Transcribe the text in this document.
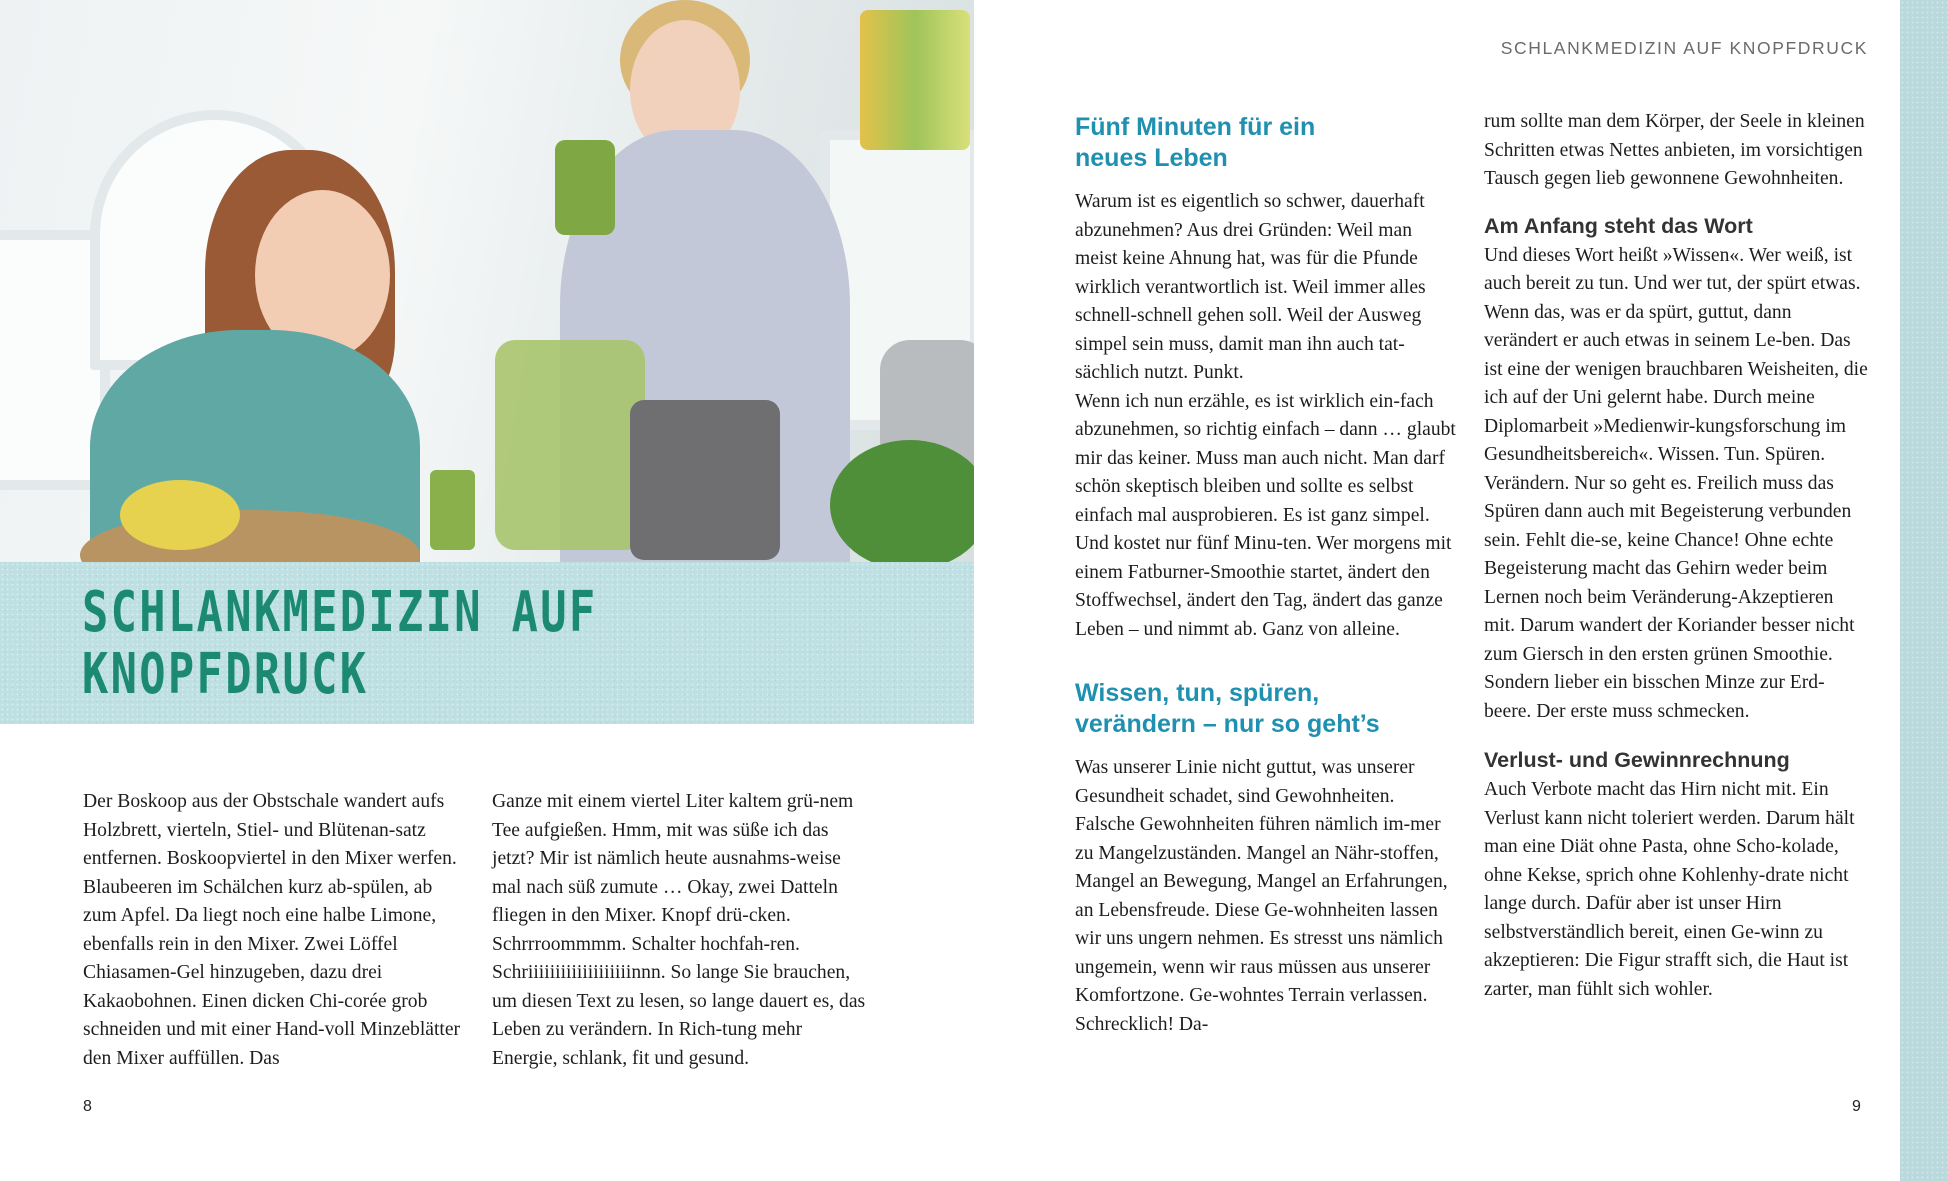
SCHLANKMEDIZIN AUF
KNOPFDRUCK

Der Boskoop aus der Obstschale wandert aufs Holzbrett, vierteln, Stiel- und Blütenan-satz entfernen. Boskoopviertel in den Mixer werfen. Blaubeeren im Schälchen kurz ab-spülen, ab zum Apfel. Da liegt noch eine halbe Limone, ebenfalls rein in den Mixer. Zwei Löffel Chiasamen-Gel hinzugeben, dazu drei Kakaobohnen. Einen dicken Chi-corée grob schneiden und mit einer Hand-voll Minzeblätter den Mixer auffüllen. Das

Ganze mit einem viertel Liter kaltem grü-nem Tee aufgießen. Hmm, mit was süße ich das jetzt? Mir ist nämlich heute ausnahms-weise mal nach süß zumute … Okay, zwei Datteln fliegen in den Mixer. Knopf drü-cken. Schrrroommmm. Schalter hochfah-ren. Schriiiiiiiiiiiiiiiiiiinnn. So lange Sie brauchen, um diesen Text zu lesen, so lange dauert es, das Leben zu verändern. In Rich-tung mehr Energie, schlank, fit und gesund.

8
SCHLANKMEDIZIN AUF KNOPFDRUCK
Fünf Minuten für ein neues Leben

Warum ist es eigentlich so schwer, dauerhaft abzunehmen? Aus drei Gründen: Weil man meist keine Ahnung hat, was für die Pfunde wirklich verantwortlich ist. Weil immer alles schnell-schnell gehen soll. Weil der Ausweg simpel sein muss, damit man ihn auch tat-sächlich nutzt. Punkt.

Wenn ich nun erzähle, es ist wirklich ein-fach abzunehmen, so richtig einfach – dann … glaubt mir das keiner. Muss man auch nicht. Man darf schön skeptisch bleiben und sollte es selbst einfach mal ausprobieren. Es ist ganz simpel. Und kostet nur fünf Minu-ten. Wer morgens mit einem Fatburner-Smoothie startet, ändert den Stoffwechsel, ändert den Tag, ändert das ganze Leben – und nimmt ab. Ganz von alleine.

Wissen, tun, spüren, verändern – nur so geht’s

Was unserer Linie nicht guttut, was unserer Gesundheit schadet, sind Gewohnheiten. Falsche Gewohnheiten führen nämlich im-mer zu Mangelzuständen. Mangel an Nähr-stoffen, Mangel an Bewegung, Mangel an Erfahrungen, an Lebensfreude. Diese Ge-wohnheiten lassen wir uns ungern nehmen. Es stresst uns nämlich ungemein, wenn wir raus müssen aus unserer Komfortzone. Ge-wohntes Terrain verlassen. Schrecklich! Da-

rum sollte man dem Körper, der Seele in kleinen Schritten etwas Nettes anbieten, im vorsichtigen Tausch gegen lieb gewonnene Gewohnheiten.

Am Anfang steht das Wort

Und dieses Wort heißt »Wissen«. Wer weiß, ist auch bereit zu tun. Und wer tut, der spürt etwas. Wenn das, was er da spürt, guttut, dann verändert er auch etwas in seinem Le-ben. Das ist eine der wenigen brauchbaren Weisheiten, die ich auf der Uni gelernt habe. Durch meine Diplomarbeit »Medienwir-kungsforschung im Gesundheitsbereich«. Wissen. Tun. Spüren. Verändern. Nur so geht es. Freilich muss das Spüren dann auch mit Begeisterung verbunden sein. Fehlt die-se, keine Chance! Ohne echte Begeisterung macht das Gehirn weder beim Lernen noch beim Veränderung-Akzeptieren mit. Darum wandert der Koriander besser nicht zum Giersch in den ersten grünen Smoothie. Sondern lieber ein bisschen Minze zur Erd-beere. Der erste muss schmecken.

Verlust- und Gewinnrechnung

Auch Verbote macht das Hirn nicht mit. Ein Verlust kann nicht toleriert werden. Darum hält man eine Diät ohne Pasta, ohne Scho-kolade, ohne Kekse, sprich ohne Kohlenhy-drate nicht lange durch. Dafür aber ist unser Hirn selbstverständlich bereit, einen Ge-winn zu akzeptieren: Die Figur strafft sich, die Haut ist zarter, man fühlt sich wohler.

9
